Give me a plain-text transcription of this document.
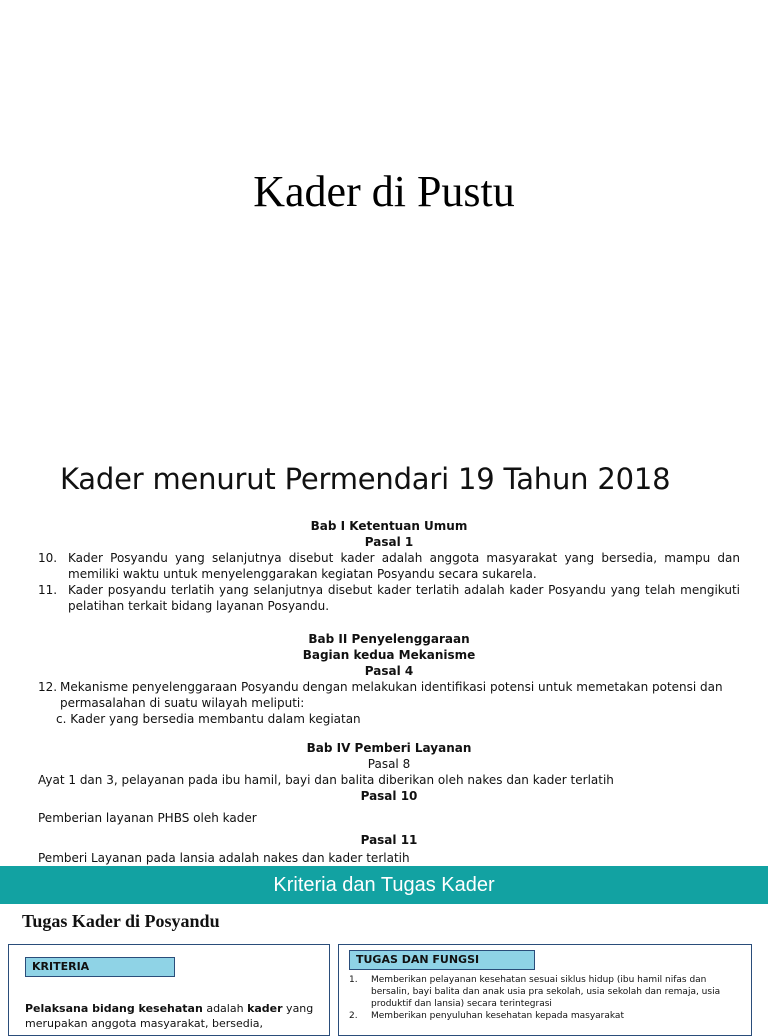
Kader di Pustu
Kader menurut Permendari 19 Tahun 2018
Bab I Ketentuan Umum
Pasal 1
10. Kader Posyandu yang selanjutnya disebut kader adalah anggota masyarakat yang bersedia, mampu dan memiliki waktu untuk menyelenggarakan kegiatan Posyandu secara sukarela.
11. Kader posyandu terlatih yang selanjutnya disebut kader terlatih adalah kader Posyandu yang telah mengikuti pelatihan terkait bidang layanan Posyandu.
Bab II Penyelenggaraan
Bagian kedua Mekanisme
Pasal 4
12. Mekanisme penyelenggaraan Posyandu dengan melakukan identifikasi potensi untuk memetakan potensi dan permasalahan di suatu wilayah meliputi:
c. Kader yang bersedia membantu dalam kegiatan
Bab IV Pemberi Layanan
Pasal 8
Ayat 1 dan 3, pelayanan pada ibu hamil, bayi dan balita diberikan oleh nakes dan kader terlatih
Pasal 10
Pemberian layanan PHBS oleh kader
Pasal 11
Pemberi Layanan pada lansia adalah nakes dan kader terlatih
Kriteria dan Tugas Kader
Tugas Kader di Posyandu
KRITERIA
Pelaksana bidang kesehatan adalah kader yang merupakan anggota masyarakat, bersedia,
TUGAS DAN FUNGSI
1.	Memberikan pelayanan kesehatan sesuai siklus hidup (ibu hamil nifas dan bersalin, bayi balita dan anak usia pra sekolah, usia sekolah dan remaja, usia produktif dan lansia) secara terintegrasi
2.	Memberikan penyuluhan kesehatan kepada masyarakat
